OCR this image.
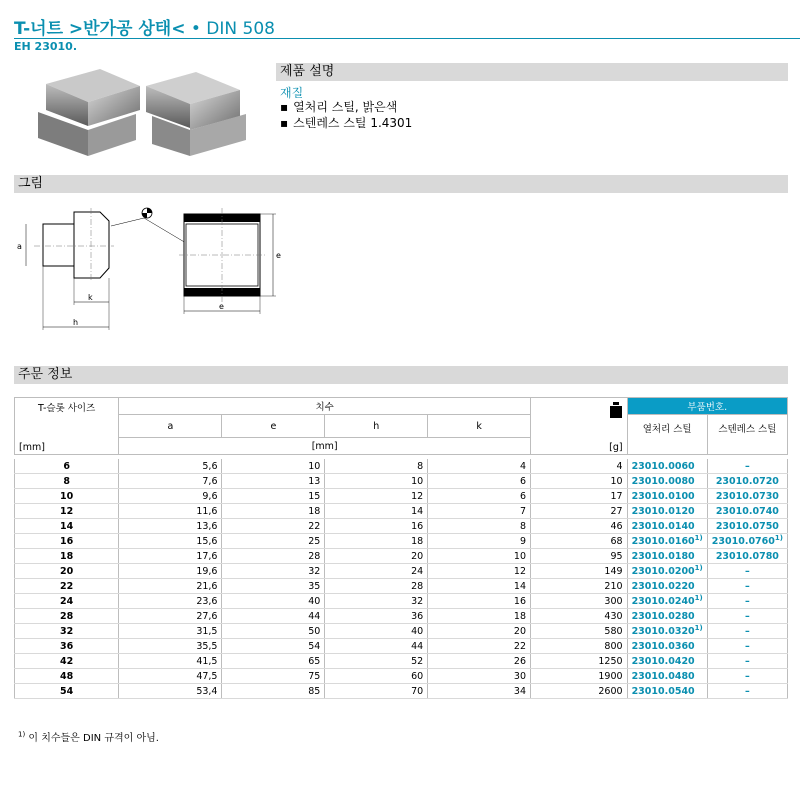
T-너트 >반가공 상태< • DIN 508
EH 23010.
제품 설명
재질
▪ 열처리 스틸, 밝은색
▪ 스텐레스 스틸 1.4301
그림
a
k
h
e
e
주문 정보
T-슬롯 사이즈
[mm]	치수				[g]	부품번호.	
	a	e	h	k		열처리 스틸	스텐레스 스틸
	[mm]						

6	5,6	10	8	4	4	23010.0060	–
8	7,6	13	10	6	10	23010.0080	23010.0720
10	9,6	15	12	6	17	23010.0100	23010.0730
12	11,6	18	14	7	27	23010.0120	23010.0740
14	13,6	22	16	8	46	23010.0140	23010.0750
16	15,6	25	18	9	68	23010.0160$^{1)}$	23010.0760$^{1)}$
18	17,6	28	20	10	95	23010.0180	23010.0780
20	19,6	32	24	12	149	23010.0200$^{1)}$	–
22	21,6	35	28	14	210	23010.0220	–
24	23,6	40	32	16	300	23010.0240$^{1)}$	–
28	27,6	44	36	18	430	23010.0280	–
32	31,5	50	40	20	580	23010.0320$^{1)}$	–
36	35,5	54	44	22	800	23010.0360	–
42	41,5	65	52	26	1250	23010.0420	–
48	47,5	75	60	30	1900	23010.0480	–
54	53,4	85	70	34	2600	23010.0540	–
$^{1)}$ 이 치수들은 DIN 규격이 아님.
